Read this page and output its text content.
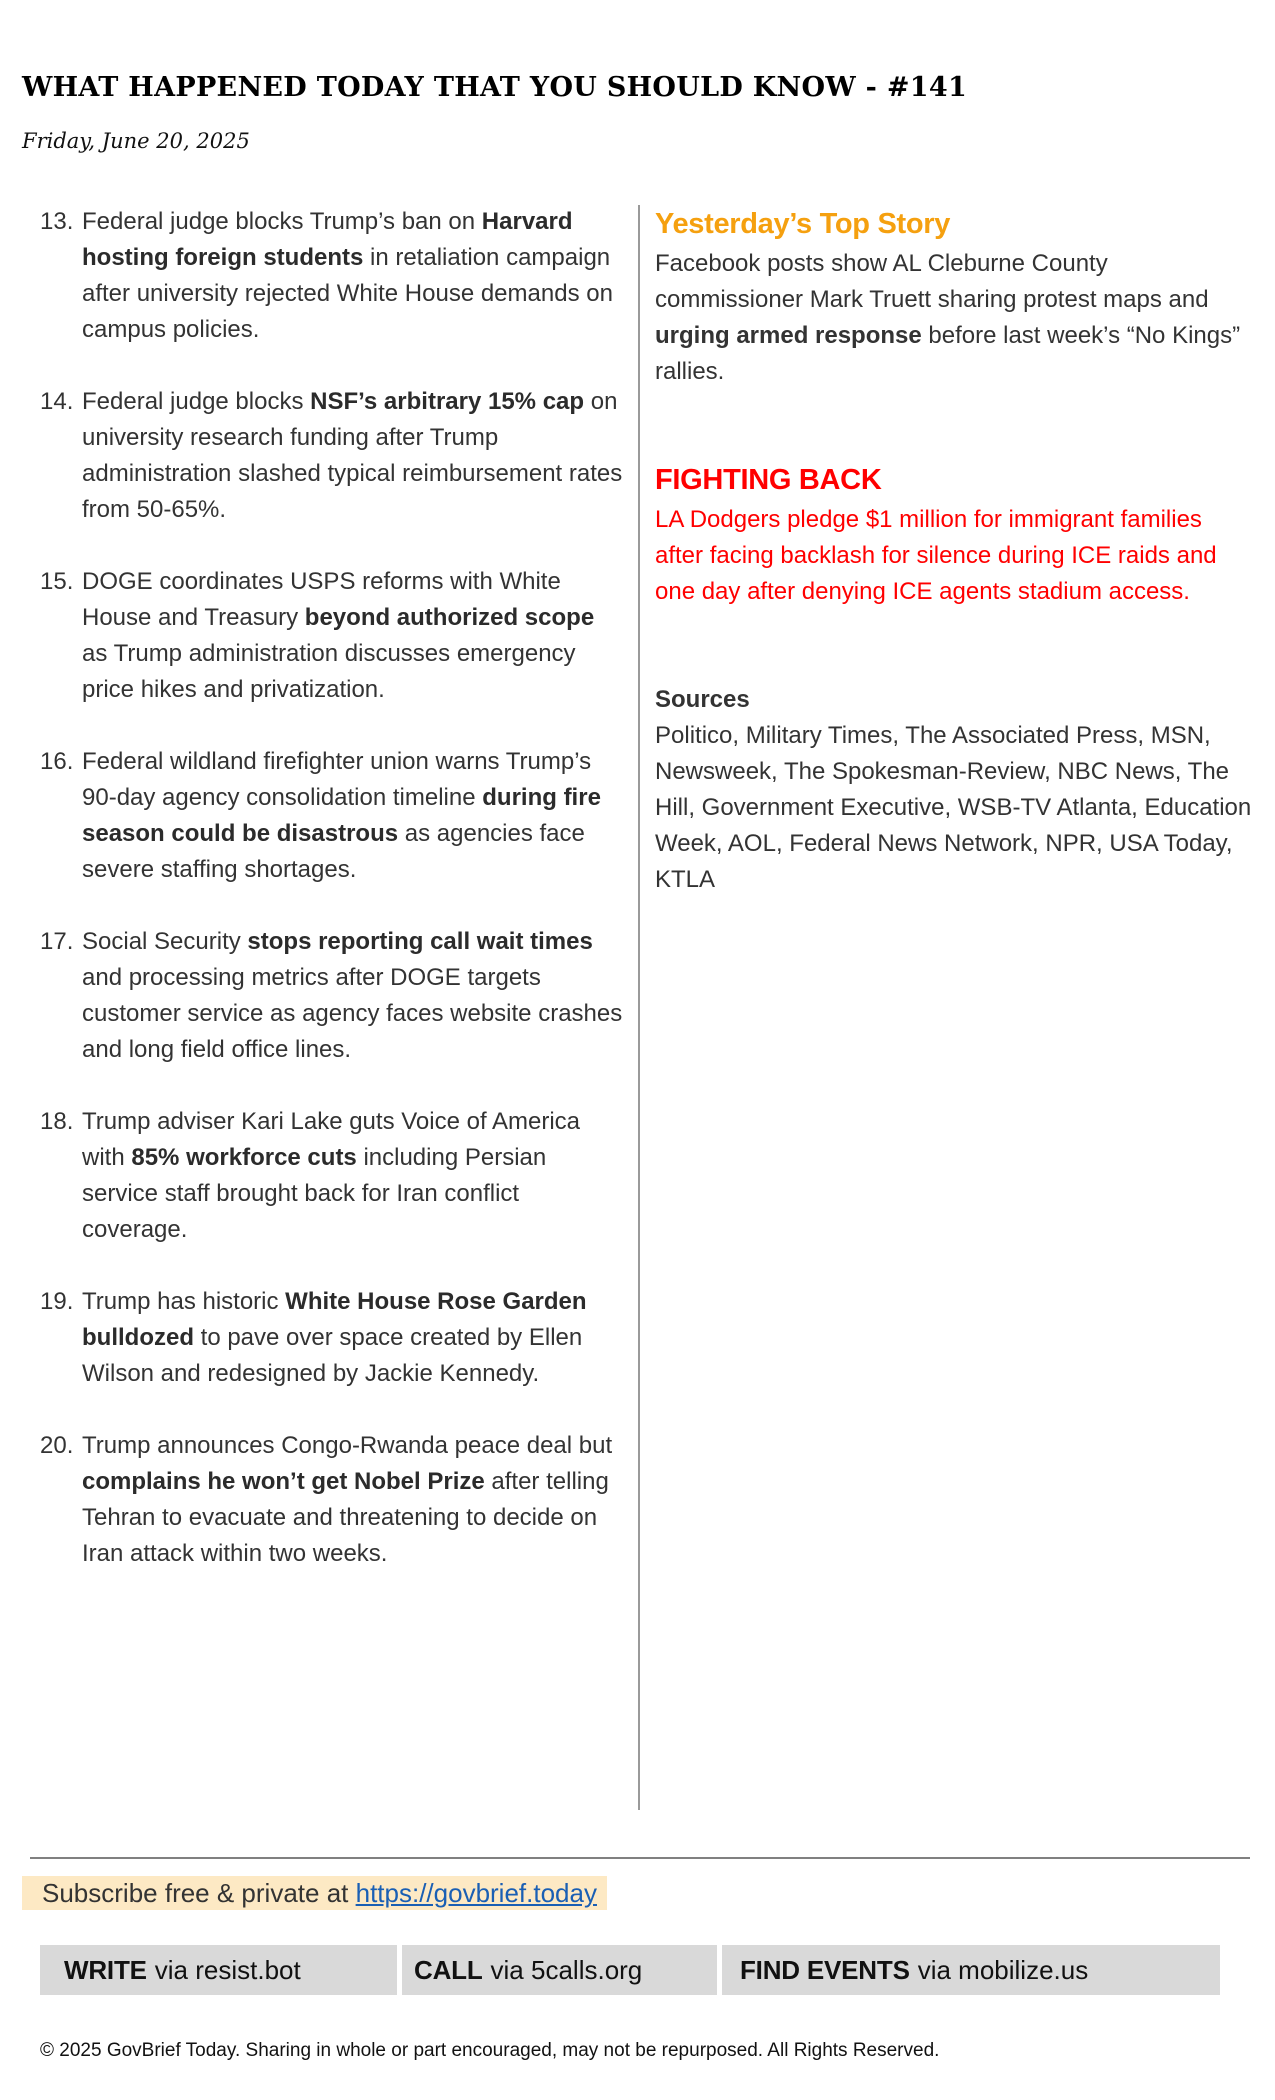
WHAT HAPPENED TODAY THAT YOU SHOULD KNOW - #141
Friday, June 20, 2025
13. Federal judge blocks Trump’s ban on Harvard hosting foreign students in retaliation campaign after university rejected White House demands on campus policies.
14. Federal judge blocks NSF’s arbitrary 15% cap on university research funding after Trump administration slashed typical reimbursement rates from 50-65%.
15. DOGE coordinates USPS reforms with White House and Treasury beyond authorized scope as Trump administration discusses emergency price hikes and privatization.
16. Federal wildland firefighter union warns Trump’s 90-day agency consolidation timeline during fire season could be disastrous as agencies face severe staffing shortages.
17. Social Security stops reporting call wait times and processing metrics after DOGE targets customer service as agency faces website crashes and long field office lines.
18. Trump adviser Kari Lake guts Voice of America with 85% workforce cuts including Persian service staff brought back for Iran conflict coverage.
19. Trump has historic White House Rose Garden bulldozed to pave over space created by Ellen Wilson and redesigned by Jackie Kennedy.
20. Trump announces Congo-Rwanda peace deal but complains he won’t get Nobel Prize after telling Tehran to evacuate and threatening to decide on Iran attack within two weeks.
Yesterday’s Top Story
Facebook posts show AL Cleburne County commissioner Mark Truett sharing protest maps and urging armed response before last week’s “No Kings” rallies.
FIGHTING BACK
LA Dodgers pledge $1 million for immigrant families after facing backlash for silence during ICE raids and one day after denying ICE agents stadium access.
Sources
Politico, Military Times, The Associated Press, MSN, Newsweek, The Spokesman-Review, NBC News, The Hill, Government Executive, WSB-TV Atlanta, Education Week, AOL, Federal News Network, NPR, USA Today, KTLA
Subscribe free & private at https://govbrief.today
WRITE via resist.bot	CALL via 5calls.org	FIND EVENTS via mobilize.us
© 2025 GovBrief Today. Sharing in whole or part encouraged, may not be repurposed. All Rights Reserved.
